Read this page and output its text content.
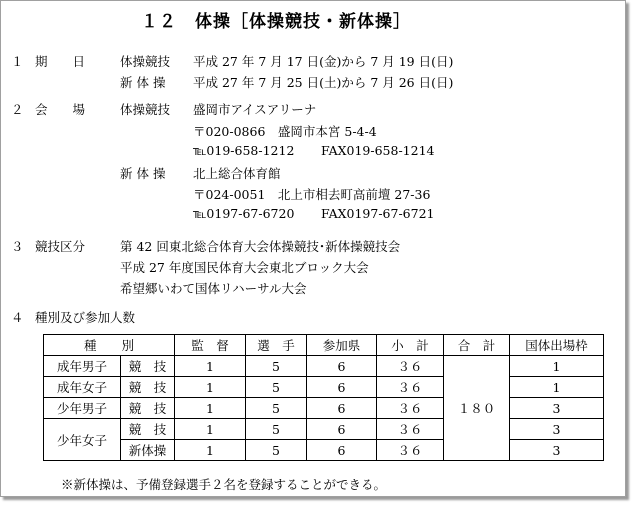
１２　体操［体操競技・新体操］
１ 期　　日	体操競技 平成 27 年 7 月 17 日(金)から 7 月 19 日(日)
新 体 操 平成 27 年 7 月 25 日(土)から 7 月 26 日(日)
２ 会　　場	体操競技 盛岡市アイスアリーナ
〒020-0866　盛岡市本宮 5-4-4
℡019-658-1212 FAX019-658-1214
新 体 操 北上総合体育館
〒024-0051　北上市相去町高前壇 27-36
℡0197-67-6720 FAX0197-67-6721
３ 競技区分	第 42 回東北総合体育大会体操競技･新体操競技会
平成 27 年度国民体育大会東北ブロック大会
希望郷いわて国体リハーサル大会
４ 種別及び参加人数
種　　別		監　督	選　手	参加県	小　計	合　計	国体出場枠
成年男子	競　技	1	5	6	３６	１８０	1
成年女子	競　技	1	5	6	３６		1
少年男子	競　技	1	5	6	３６		3
少年女子	競　技	1	5	6	３６		3
	新体操	1	5	6	３６		3
※新体操は、予備登録選手２名を登録することができる。
